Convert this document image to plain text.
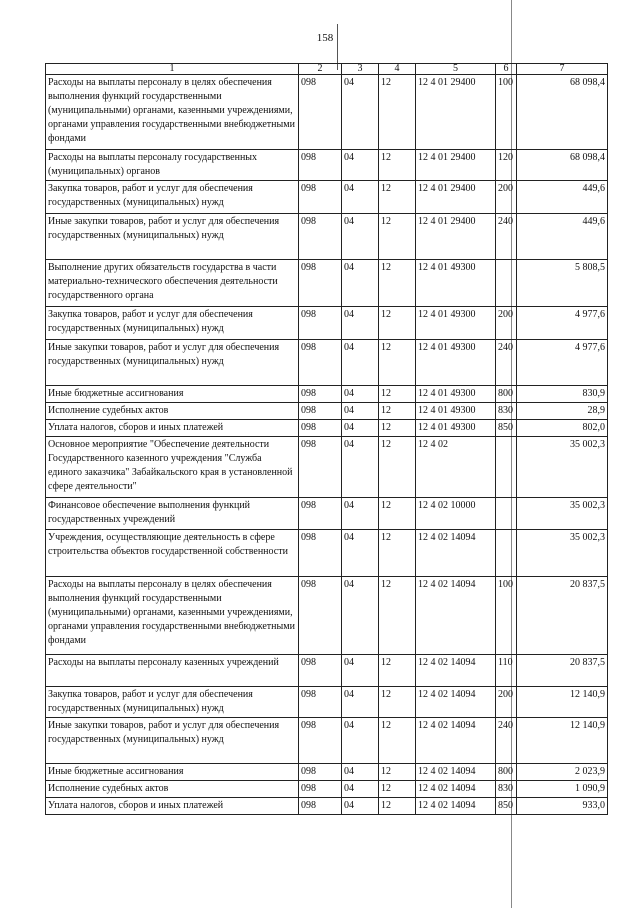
158
1	2	3	4	5	6	7
Расходы на выплаты персоналу в целях обеспечения выполнения функций государственными (муниципальными) органами, казенными учреждениями, органами управления государственными внебюджетными фондами	098	04	12	12 4 01 29400	100	68 098,4
Расходы на выплаты персоналу государственных (муниципальных) органов	098	04	12	12 4 01 29400	120	68 098,4
Закупка товаров, работ и услуг для обеспечения государственных (муниципальных) нужд	098	04	12	12 4 01 29400	200	449,6
Иные закупки товаров, работ и услуг для обеспечения государственных (муниципальных) нужд	098	04	12	12 4 01 29400	240	449,6
Выполнение других обязательств государства в части материально-технического обеспечения деятельности государственного органа	098	04	12	12 4 01 49300		5 808,5
Закупка товаров, работ и услуг для обеспечения государственных (муниципальных) нужд	098	04	12	12 4 01 49300	200	4 977,6
Иные закупки товаров, работ и услуг для обеспечения государственных (муниципальных) нужд	098	04	12	12 4 01 49300	240	4 977,6
Иные бюджетные ассигнования	098	04	12	12 4 01 49300	800	830,9
Исполнение судебных актов	098	04	12	12 4 01 49300	830	28,9
Уплата налогов, сборов и иных платежей	098	04	12	12 4 01 49300	850	802,0
Основное мероприятие "Обеспечение деятельности Государственного казенного учреждения "Служба единого заказчика" Забайкальского края в установленной сфере деятельности"	098	04	12	12 4 02		35 002,3
Финансовое обеспечение выполнения функций государственных учреждений	098	04	12	12 4 02 10000		35 002,3
Учреждения, осуществляющие деятельность в сфере строительства объектов государственной собственности	098	04	12	12 4 02 14094		35 002,3
Расходы на выплаты персоналу в целях обеспечения выполнения функций государственными (муниципальными) органами, казенными учреждениями, органами управления государственными внебюджетными фондами	098	04	12	12 4 02 14094	100	20 837,5
Расходы на выплаты персоналу казенных учреждений	098	04	12	12 4 02 14094	110	20 837,5
Закупка товаров, работ и услуг для обеспечения государственных (муниципальных) нужд	098	04	12	12 4 02 14094	200	12 140,9
Иные закупки товаров, работ и услуг для обеспечения государственных (муниципальных) нужд	098	04	12	12 4 02 14094	240	12 140,9
Иные бюджетные ассигнования	098	04	12	12 4 02 14094	800	2 023,9
Исполнение судебных актов	098	04	12	12 4 02 14094	830	1 090,9
Уплата налогов, сборов и иных платежей	098	04	12	12 4 02 14094	850	933,0
